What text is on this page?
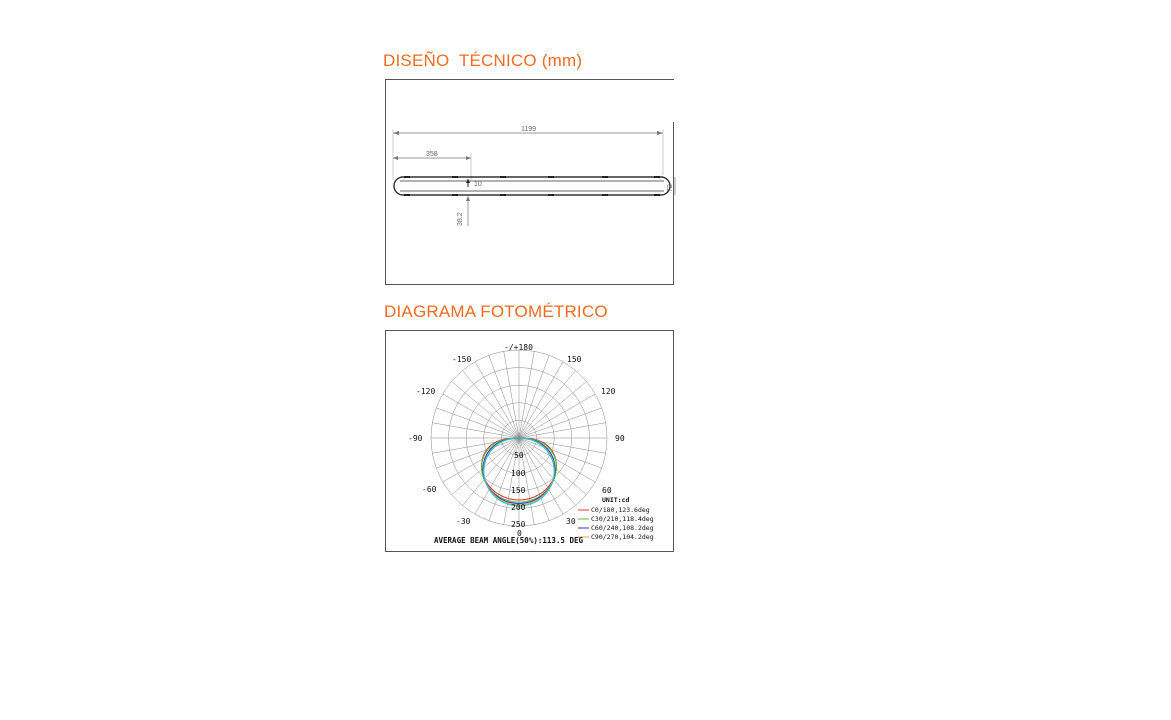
DISEÑO  TÉCNICO (mm)
1199
358
10
38.2
72
DIAGRAMA FOTOMÉTRICO
-/+180
-150	150
-120	120
-90	90
-60	60
-30	30
0
50
100
150
200
250
UNIT:cd
C0/180,123.6deg
C30/210,118.4deg
C60/240,108.2deg
C90/270,104.2deg
AVERAGE BEAM ANGLE(50%):113.5 DEG
